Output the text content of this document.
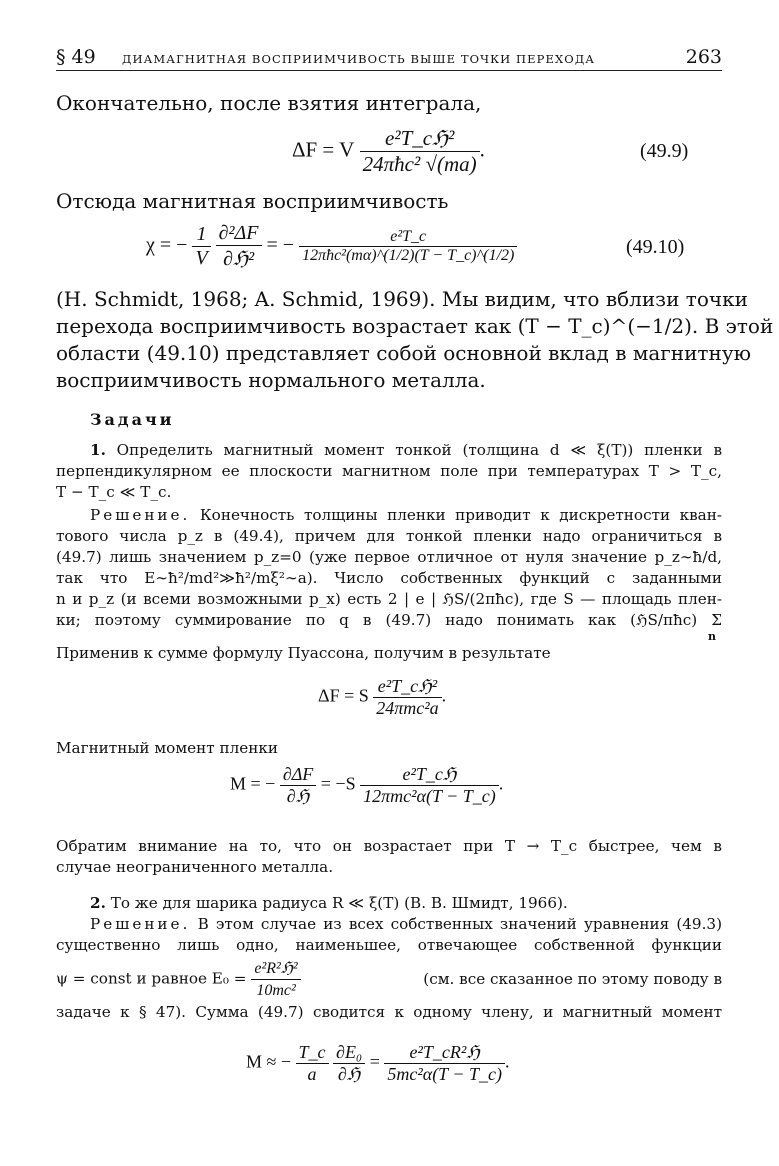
§ 49 ДИАМАГНИТНАЯ ВОСПРИИМЧИВОСТЬ ВЫШЕ ТОЧКИ ПЕРЕХОДА	263
Окончательно, после взятия интеграла,
ΔF = V $\frac{\text{e²T\_cℌ²}}{\text{24πħc² √(ma)}}$ .	(49.9)
Отсюда магнитная восприимчивость
χ = − $\frac{1}{V}$
$\frac{\text{∂²ΔF}}{\text{∂ℌ²}}$ = − $\frac{\text{e²T\_c}}{\text{12πħc²(mα)\textasciicircum{}(1/2)(T − T\_c)\textasciicircum{}(1/2)}}$	(49.10)
(H. Schmidt, 1968; A. Schmid, 1969). Мы видим, что вблизи точки
перехода восприимчивость возрастает как (T − T_c)^(−1/2). В этой
области (49.10) представляет собой основной вклад в магнитную
восприимчивость нормального металла.
Задачи
1. Определить магнитный момент тонкой (толщина d ≪ ξ(T)) пленки в
перпендикулярном ее плоскости магнитном поле при температурах T > T_c,
T − T_c ≪ T_c.
Решение. Конечность толщины пленки приводит к дискретности кван-
тового числа p_z в (49.4), причем для тонкой пленки надо ограничиться в
(49.7) лишь значением p_z=0 (уже первое отличное от нуля значение p_z∼ħ/d,
так что E∼ħ²/md²≫ħ²/mξ²∼a). Число собственных функций с заданными
n и p_z (и всеми возможными p_x) есть 2 | e | ℌS/(2πħc), где S — площадь плен-
ки; поэтому суммирование по q в (49.7) надо понимать как (ℌS/πħc) Σ
n
Применив к сумме формулу Пуассона, получим в результате
ΔF = S $\frac{\text{e²T\_cℌ²}}{\text{24πmc²a}}$ .
Магнитный момент пленки
M = − $\frac{\partial\Delta F}{\text{∂ℌ}} = -S \frac{\text{e²T\_cℌ}}{\text{12πmc²α(T − T\_c)}}$ .
Обратим внимание на то, что он возрастает при T → T_c быстрее, чем в
случае неограниченного металла.
2. То же для шарика радиуса R ≪ ξ(T) (В. В. Шмидт, 1966).
Решение. В этом случае из всех собственных значений уравнения (49.3)
существенно лишь одно, наименьшее, отвечающее собственной функции
ψ = const и равное $E_0 = \frac{\text{e²R²ℌ²}}{\text{10mc²}}$	(см. все сказанное по этому поводу в
задаче к § 47). Сумма (49.7) сводится к одному члену, и магнитный момент
M ≈ − $\frac{T\_c}{a}$
$\frac{\text{∂E₀}}{\text{∂ℌ}} = \frac{\text{e²T\_cR²ℌ}}{\text{5mc²α(T − T\_c)}}$ .
